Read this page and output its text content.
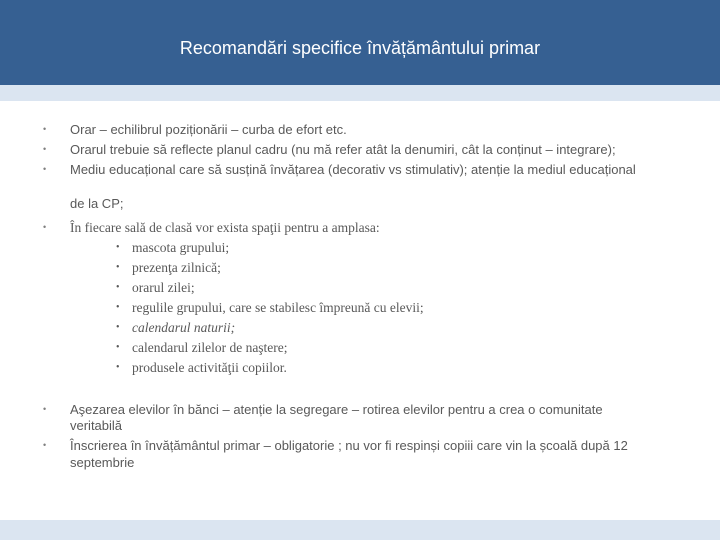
Recomandări specifice învățământului primar
• Orar – echilibrul poziționării – curba de efort etc.
• Orarul trebuie să reflecte planul cadru (nu mă refer atât la denumiri, cât la conținut – integrare);
• Mediu educațional care să susțină învățarea (decorativ vs stimulativ); atenție la mediul educațional
de la CP;
• În fiecare sală de clasă vor exista spaţii pentru a amplasa:
• mascota grupului;
• prezenţa zilnică;
• orarul zilei;
• regulile grupului, care se stabilesc împreună cu elevii;
• calendarul naturii;
• calendarul zilelor de naştere;
• produsele activităţii copiilor.
• Aşezarea elevilor în bănci – atenție la segregare – rotirea elevilor pentru a crea o comunitate
veritabilă
• Înscrierea în învățământul primar – obligatorie ; nu vor fi respinși copiii care vin la școală după 12
septembrie
